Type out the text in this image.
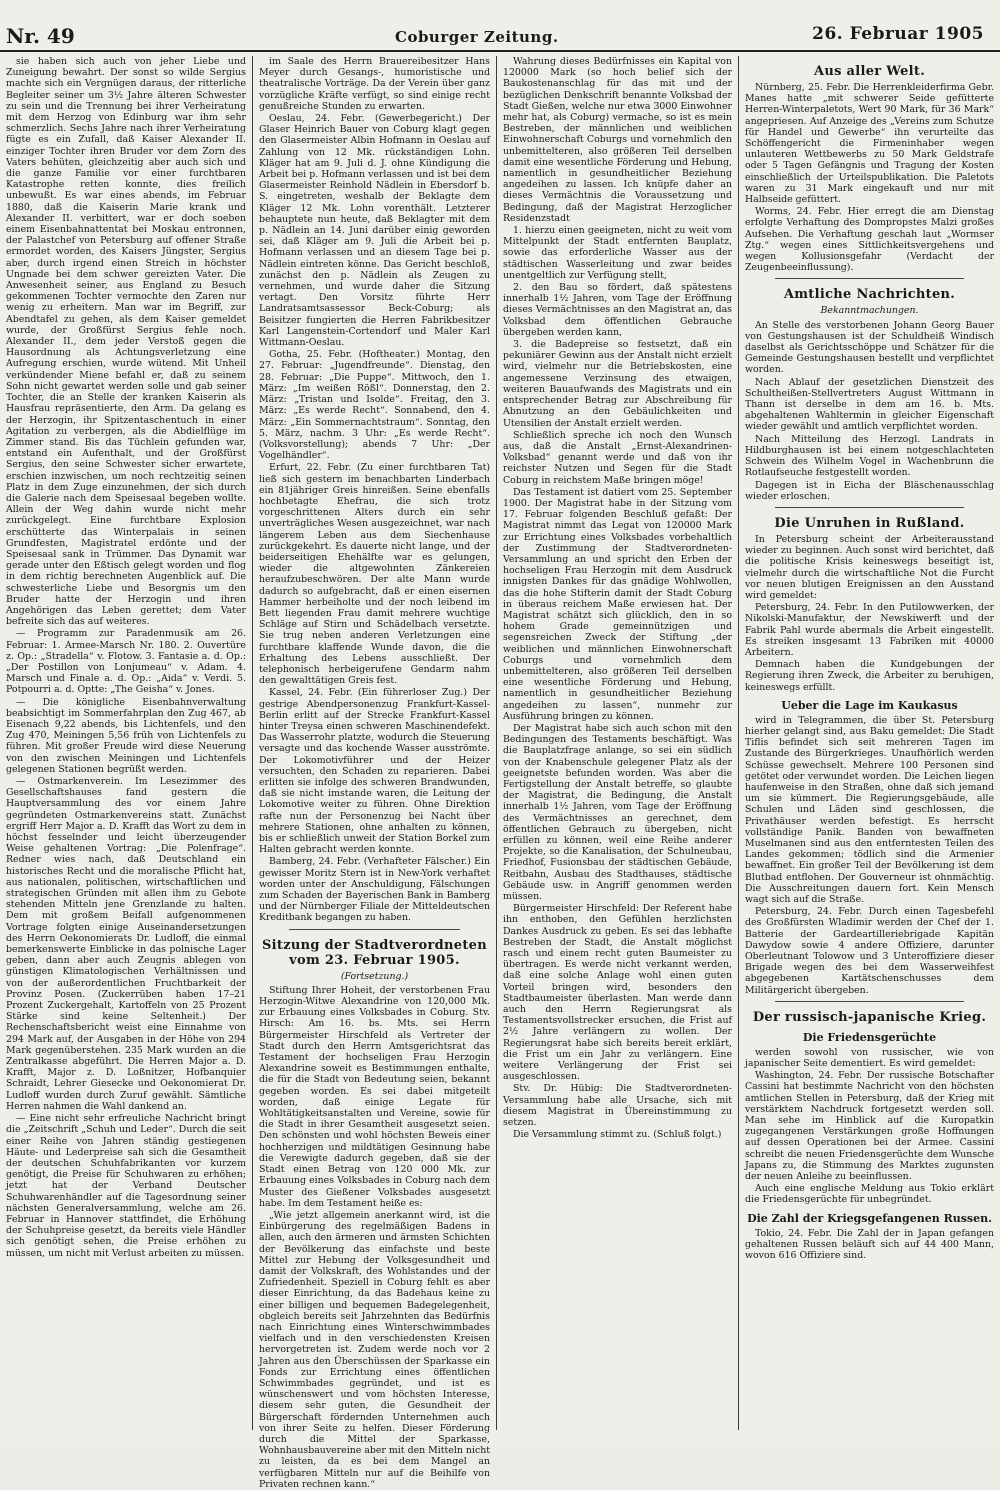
Nr. 49	Coburger Zeitung.	26. Februar 1905

sie haben sich auch von jeher Liebe und Zuneigung bewahrt. Der sonst so wilde Sergius machte sich ein Vergnügen daraus, der ritterliche Begleiter seiner um 3½ Jahre älteren Schwester zu sein und die Trennung bei ihrer Verheiratung mit dem Herzog von Edinburg war ihm sehr schmerzlich. Sechs Jahre nach ihrer Verheiratung fügte es ein Zufall, daß Kaiser Alexander II. einziger Tochter ihren Bruder vor dem Zorn des Vaters behüten, gleichzeitig aber auch sich und die ganze Familie vor einer furchtbaren Katastrophe retten konnte, dies freilich unbewußt. Es war eines abends, im Februar 1880, daß die Kaiserin Marie krank und Alexander II. verbittert, war er doch soeben einem Eisenbahnattentat bei Moskau entronnen, der Palastchef von Petersburg auf offener Straße ermordet worden, des Kaisers Jüngster, Sergius aber, durch irgend einen Streich in höchster Ungnade bei dem schwer gereizten Vater. Die Anwesenheit seiner, aus England zu Besuch gekommenen Tochter vermochte den Zaren nur wenig zu erheitern. Man war im Begriff, zur Abendtafel zu gehen, als dem Kaiser gemeldet wurde, der Großfürst Sergius fehle noch. Alexander II., dem jeder Verstoß gegen die Hausordnung als Achtungsverletzung eine Aufregung erschien, wurde wütend. Mit Unheil verkündender Miene befahl er, daß zu seinem Sohn nicht gewartet werden solle und gab seiner Tochter, die an Stelle der kranken Kaiserin als Hausfrau repräsentierte, den Arm. Da gelang es der Herzogin, ihr Spitzentaschentuch in einer Agitation zu verbergen, als die Abdielflüge im Zimmer stand. Bis das Tüchlein gefunden war, entstand ein Aufenthalt, und der Großfürst Sergius, den seine Schwester sicher erwartete, erschien inzwischen, um noch rechtzeitig seinen Platz in dem Zuge einzunehmen, der sich durch die Galerie nach dem Speisesaal begeben wollte. Allein der Weg dahin wurde nicht mehr zurückgelegt. Eine furchtbare Explosion erschütterte das Winterpalais in seinen Grundfesten, Magistratel erdönte und der Speisesaal sank in Trümmer. Das Dynamit war gerade unter den Eßtisch gelegt worden und flog in dem richtig berechneten Augenblick auf. Die schwesterliche Liebe und Besorgnis um den Bruder hatte der Herzogin und ihren Angehörigen das Leben gerettet; dem Vater befreite sich das auf weiteres.

— Programm zur Paradenmusik am 26. Februar: 1. Armee-Marsch Nr. 180. 2. Ouvertüre z. Op.: „Stradella“ v. Flotow. 3. Fantasie a. d. Op.: „Der Postillon von Lonjumeau“ v. Adam. 4. Marsch und Finale a. d. Op.: „Aida“ v. Verdi. 5. Potpourri a. d. Optte: „The Geisha“ v. Jones.

— Die königliche Eisenbahnverwaltung beabsichtigt im Sommerfahrplan den Zug 467, ab Eisenach 9,22 abends, bis Lichtenfels, und den Zug 470, Meiningen 5,56 früh von Lichtenfels zu führen. Mit großer Freude wird diese Neuerung von den zwischen Meiningen und Lichtenfels gelegenen Stationen begrüßt werden.

— Ostmarkenverein. Im Lesezimmer des Gesellschaftshauses fand gestern die Hauptversammlung des vor einem Jahre gegründeten Ostmarkenvereins statt. Zunächst ergriff Herr Major a. D. Krafft das Wort zu dem in höchst fesselnder und leicht überzeugender Weise gehaltenen Vortrag: „Die Polenfrage“. Redner wies nach, daß Deutschland ein historisches Recht und die moralische Pflicht hat, aus nationalen, politischen, wirtschaftlichen und strategischen Gründen mit allen ihm zu Gebote stehenden Mitteln jene Grenzlande zu halten. Dem mit großem Beifall aufgenommenen Vortrage folgten einige Auseinandersetzungen des Herrn Oekonomierats Dr. Ludloff, die einmal bemerkenswerte Einblicke in das polnische Lager geben, dann aber auch Zeugnis ablegen von günstigen Klimatologischen Verhältnissen und von der außerordentlichen Fruchtbarkeit der Provinz Posen. (Zuckerrüben haben 17–21 Prozent Zuckergehalt, Kartoffeln von 25 Prozent Stärke sind keine Seltenheit.) Der Rechenschaftsbericht weist eine Einnahme von 294 Mark auf, der Ausgaben in der Höhe von 294 Mark gegenüberstehen. 235 Mark wurden an die Zentralkasse abgeführt. Die Herren Major a. D. Krafft, Major z. D. Loßnitzer, Hofbanquier Schraidt, Lehrer Giesecke und Oekonomierat Dr. Ludloff wurden durch Zuruf gewählt. Sämtliche Herren nahmen die Wahl dankend an.

— Eine nicht sehr erfreuliche Nachricht bringt die „Zeitschrift „Schuh und Leder“. Durch die seit einer Reihe von Jahren ständig gestiegenen Häute- und Lederpreise sah sich die Gesamtheit der deutschen Schuhfabrikanten vor kurzem genötigt, die Preise für Schuhwaren zu erhöhen; jetzt hat der Verband Deutscher Schuhwarenhändler auf die Tagesordnung seiner nächsten Generalversammlung, welche am 26. Februar in Hannover stattfindet, die Erhöhung der Schuhpreise gesetzt, da bereits viele Händler sich genötigt sehen, die Preise erhöhen zu müssen, um nicht mit Verlust arbeiten zu müssen.

im Saale des Herrn Brauereibesitzer Hans Meyer durch Gesangs-, humoristische und theatralische Vorträge. Da der Verein über ganz vorzügliche Kräfte verfügt, so sind einige recht genußreiche Stunden zu erwarten.

Oeslau, 24. Febr. (Gewerbegericht.) Der Glaser Heinrich Bauer von Coburg klagt gegen den Glasermeister Albin Hofmann in Oeslau auf Zahlung von 12 Mk. rückständigen Lohn. Kläger hat am 9. Juli d. J. ohne Kündigung die Arbeit bei p. Hofmann verlassen und ist bei dem Glasermeister Reinhold Nädlein in Ebersdorf b. S. eingetreten, weshalb der Beklagte dem Kläger 12 Mk. Lohn vorenthält. Letzterer behauptete nun heute, daß Beklagter mit dem p. Nädlein an 14. Juni darüber einig geworden sei, daß Kläger am 9. Juli die Arbeit bei p. Hofmann verlassen und an diesem Tage bei p. Nädlein eintreten könne. Das Gericht beschloß, zunächst den p. Nädlein als Zeugen zu vernehmen, und wurde daher die Sitzung vertagt. Den Vorsitz führte Herr Landratsamtsassessor Beck-Coburg; als Beisitzer fungierten die Herren Fabrikbesitzer Karl Langenstein-Cortendorf und Maler Karl Wittmann-Oeslau.

Gotha, 25. Febr. (Hoftheater.) Montag, den 27. Februar: „Jugendfreunde“. Dienstag, den 28. Februar: „Die Puppe“. Mittwoch, den 1. März: „Im weißen Rößl“. Donnerstag, den 2. März: „Tristan und Isolde“. Freitag, den 3. März: „Es werde Recht“. Sonnabend, den 4. März: „Ein Sommernachtstraum“. Sonntag, den 5. März, nachm. 3 Uhr: „Es werde Recht“. (Volksvorstellung); abends 7 Uhr: „Der Vogelhändler“.

Erfurt, 22. Febr. (Zu einer furchtbaren Tat) ließ sich gestern im benachbarten Linderbach ein 81jähriger Greis hinreißen. Seine ebenfalls hochbetagte Ehefrau, die sich trotz vorgeschrittenen Alters durch ein sehr unverträgliches Wesen ausgezeichnet, war nach längerem Leben aus dem Siechenhause zurückgekehrt. Es dauerte nicht lange, und der beiderseitigen Ehehälfte war es gelungen, wieder die altgewohnten Zänkereien heraufzubeschwören. Der alte Mann wurde dadurch so aufgebracht, daß er einen eisernen Hammer herbeiholte und der noch leibend im Bett liegenden Frau damit mehrere wuchtige Schläge auf Stirn und Schädelbach versetzte. Sie trug neben anderen Verletzungen eine furchtbare klaffende Wunde davon, die die Erhaltung des Lebens ausschließt. Der telephonisch herbeigerufene Gendarm nahm den gewalttätigen Greis fest.

Kassel, 24. Febr. (Ein führerloser Zug.) Der gestrige Abendpersonenzug Frankfurt-Kassel-Berlin erlitt auf der Strecke Frankfurt-Kassel hinter Treysa einen schweren Maschinendefekt. Das Wasserrohr platzte, wodurch die Steuerung versagte und das kochende Wasser ausströmte. Der Lokomotivführer und der Heizer versuchten, den Schaden zu reparieren. Dabei erlitten sie infolge des schweren Brandwunden, daß sie nicht imstande waren, die Leitung der Lokomotive weiter zu führen. Ohne Direktion rafte nun der Personenzug bei Nacht über mehrere Stationen, ohne anhalten zu können, bis er schließlich unweit der Station Borkel zum Halten gebracht werden konnte.

Bamberg, 24. Febr. (Verhafteter Fälscher.) Ein gewisser Moritz Stern ist in New-York verhaftet worden unter der Anschuldigung, Fälschungen zum Schaden der Bayerischen Bank in Bamberg und der Nürnberger Filiale der Mitteldeutschen Kreditbank begangen zu haben.

Sitzung der Stadtverordneten vom 23. Februar 1905.

(Fortsetzung.)

Stiftung Ihrer Hoheit, der verstorbenen Frau Herzogin-Witwe Alexandrine von 120,000 Mk. zur Erbauung eines Volksbades in Coburg. Stv. Hirsch: Am 16. bs. Mts. sei Herrn Bürgermeister Hirschfeld als Vertreter der Stadt durch den Herrn Amtsgerichtsrat das Testament der hochseligen Frau Herzogin Alexandrine soweit es Bestimmungen enthalte, die für die Stadt von Bedeutung seien, bekannt gegeben worden. Es sei dabei mitgeteilt worden, daß einige Legate für Wohltätigkeitsanstalten und Vereine, sowie für die Stadt in ihrer Gesamtheit ausgesetzt seien. Den schönsten und wohl höchsten Beweis einer hochherzigen und mildtätigen Gesinnung habe die Verewigte dadurch gegeben, daß sie der Stadt einen Betrag von 120 000 Mk. zur Erbauung eines Volksbades in Coburg nach dem Muster des Gießener Volksbades ausgesetzt habe. Im dem Testament heiße es:

„Wie jetzt allgemein anerkannt wird, ist die Einbürgerung des regelmäßigen Badens in allen, auch den ärmeren und ärmsten Schichten der Bevölkerung das einfachste und beste Mittel zur Hebung der Volksgesundheit und damit der Volkskraft, des Wohlstandes und der Zufriedenheit. Speziell in Coburg fehlt es aber dieser Einrichtung, da das Badehaus keine zu einer billigen und bequemen Badegelegenheit, obgleich bereits seit Jahrzehnten das Bedürfnis nach Einrichtung eines Winterschwimmbades vielfach und in den verschiedensten Kreisen hervorgetreten ist. Zudem werde noch vor 2 Jahren aus den Überschüssen der Sparkasse ein Fonds zur Errichtung eines öffentlichen Schwimmbades gegründet, und ist es wünschenswert und vom höchsten Interesse, diesem sehr guten, die Gesundheit der Bürgerschaft fördernden Unternehmen auch von ihrer Seite zu helfen. Dieser Förderung durch die Mittel der Sparkasse, Wohnhausbauvereine aber mit den Mitteln nicht zu leisten, da es bei dem Mangel an verfügbaren Mitteln nur auf die Beihilfe von Privaten rechnen kann.“

Wahrung dieses Bedürfnisses ein Kapital von 120000 Mark (so hoch belief sich der Baukostenanschlag für das mit und der bezüglichen Denkschrift benannte Volksbad der Stadt Gießen, welche nur etwa 3000 Einwohner mehr hat, als Coburg) vermache, so ist es mein Bestreben, der männlichen und weiblichen Einwohnerschaft Coburgs und vornehmlich den unbemittelteren, also größeren Teil derselben damit eine wesentliche Förderung und Hebung, namentlich in gesundheitlicher Beziehung angedeihen zu lassen. Ich knüpfe daher an dieses Vermächtnis die Voraussetzung und Bedingung, daß der Magistrat Herzoglicher Residenzstadt

1. hierzu einen geeigneten, nicht zu weit vom Mittelpunkt der Stadt entfernten Bauplatz, sowie das erforderliche Wasser aus der städtischen Wasserleitung und zwar beides unentgeltlich zur Verfügung stellt,

2. den Bau so fördert, daß spätestens innerhalb 1½ Jahren, vom Tage der Eröffnung dieses Vermächtnisses an den Magistrat an, das Volksbad dem öffentlichen Gebrauche übergeben werden kann,

3. die Badepreise so festsetzt, daß ein pekuniärer Gewinn aus der Anstalt nicht erzielt wird, vielmehr nur die Betriebskosten, eine angemessene Verzinsung des etwaigen, weiteren Bauaufwands des Magistrats und ein entsprechender Betrag zur Abschreibung für Abnutzung an den Gebäulichkeiten und Utensilien der Anstalt erzielt werden.

Schließlich spreche ich noch den Wunsch aus, daß die Anstalt „Ernst-Alexandrinen-Volksbad“ genannt werde und daß von ihr reichster Nutzen und Segen für die Stadt Coburg in reichstem Maße bringen möge!

Das Testament ist datiert vom 25. September 1900. Der Magistrat habe in der Sitzung vom 17. Februar folgenden Beschluß gefaßt: Der Magistrat nimmt das Legat von 120000 Mark zur Errichtung eines Volksbades vorbehaltlich der Zustimmung der Stadtverordneten-Versammlung an und spricht den Erben der hochseligen Frau Herzogin mit dem Ausdruck innigsten Dankes für das gnädige Wohlwollen, das die hohe Stifterin damit der Stadt Coburg in überaus reichem Maße erwiesen hat. Der Magistrat schätzt sich glücklich, den in so hohem Grade gemeinnützigen und segensreichen Zweck der Stiftung „der weiblichen und männlichen Einwohnerschaft Coburgs und vornehmlich dem unbemittelteren, also größeren Teil derselben eine wesentliche Förderung und Hebung, namentlich in gesundheitlicher Beziehung angedeihen zu lassen“, nunmehr zur Ausführung bringen zu können.

Der Magistrat habe sich auch schon mit den Bedingungen des Testaments beschäftigt. Was die Bauplatzfrage anlange, so sei ein südlich von der Knabenschule gelegener Platz als der geeignetste befunden worden. Was aber die Fertigstellung der Anstalt betreffe, so glaubte der Magistrat, die Bedingung, die Anstalt innerhalb 1½ Jahren, vom Tage der Eröffnung des Vermächtnisses an gerechnet, dem öffentlichen Gebrauch zu übergeben, nicht erfüllen zu können, weil eine Reihe anderer Projekte, so die Kanalisation, der Schulneubau, Friedhof, Fusionsbau der städtischen Gebäude, Reitbahn, Ausbau des Stadthauses, städtische Gebäude usw. in Angriff genommen werden müssen.

Bürgermeister Hirschfeld: Der Referent habe ihn enthoben, den Gefühlen herzlichsten Dankes Ausdruck zu geben. Es sei das lebhafte Bestreben der Stadt, die Anstalt möglichst rasch und einem recht guten Baumeister zu übertragen. Es werde nicht verkannt werden, daß eine solche Anlage wohl einen guten Vorteil bringen wird, besonders den Stadtbaumeister überlasten. Man werde dann auch den Herrn Regierungsrat als Testamentsvollstrecker ersuchen, die Frist auf 2½ Jahre verlängern zu wollen. Der Regierungsrat habe sich bereits bereit erklärt, die Frist um ein Jahr zu verlängern. Eine weitere Verlängerung der Frist sei ausgeschlossen.

Stv. Dr. Hübig: Die Stadtverordneten-Versammlung habe alle Ursache, sich mit diesem Magistrat in Übereinstimmung zu setzen.

Die Versammlung stimmt zu. (Schluß folgt.)

Aus aller Welt.

Nürnberg, 25. Febr. Die Herrenkleiderfirma Gebr. Manes hatte „mit schwerer Seide gefütterte Herren-Winterpaletots, Wert 90 Mark, für 36 Mark“ angepriesen. Auf Anzeige des „Vereins zum Schutze für Handel und Gewerbe“ ihn verurteilte das Schöffengericht die Firmeninhaber wegen unlauteren Wettbewerbs zu 50 Mark Geldstrafe oder 5 Tagen Gefängnis und Tragung der Kosten einschließlich der Urteilspublikation. Die Paletots waren zu 31 Mark eingekauft und nur mit Halbseide gefüttert.

Worms, 24. Febr. Hier erregt die am Dienstag erfolgte Verhaftung des Dompropstes Malzi großes Aufsehen. Die Verhaftung geschah laut „Wormser Ztg.“ wegen eines Sittlichkeitsvergehens und wegen Kollusionsgefahr (Verdacht der Zeugenbeeinflussung).

Amtliche Nachrichten.

Bekanntmachungen.

An Stelle des verstorbenen Johann Georg Bauer von Gestungshausen ist der Schuldheiß Windisch daselbst als Gerichtsschöppe und Schätzer für die Gemeinde Gestungshausen bestellt und verpflichtet worden.

Nach Ablauf der gesetzlichen Dienstzeit des Schultheißen-Stellvertreters August Wittmann in Thann ist derselbe in dem am 16. b. Mts. abgehaltenen Wahltermin in gleicher Eigenschaft wieder gewählt und amtlich verpflichtet worden.

Nach Mitteilung des Herzogl. Landrats in Hildburghausen ist bei einem notgeschlachteten Schwein des Wilhelm Vogel in Wachenbrunn die Rotlaufseuche festgestellt worden.

Dagegen ist in Eicha der Bläschenausschlag wieder erloschen.

Die Unruhen in Rußland.

In Petersburg scheint der Arbeiterausstand wieder zu beginnen. Auch sonst wird berichtet, daß die politische Krisis keineswegs beseitigt ist, vielmehr durch die wirtschaftliche Not die Furcht vor neuen blutigen Ereignissen an den Ausstand wird gemeldet:

Petersburg, 24. Febr. In den Putilowwerken, der Nikolski-Manufaktur, der Newskiwerft und der Fabrik Pahl wurde abermals die Arbeit eingestellt. Es streiken insgesamt 13 Fabriken mit 40000 Arbeitern.

Demnach haben die Kundgebungen der Regierung ihren Zweck, die Arbeiter zu beruhigen, keineswegs erfüllt.

Ueber die Lage im Kaukasus

wird in Telegrammen, die über St. Petersburg hierher gelangt sind, aus Baku gemeldet: Die Stadt Tiflis befindet sich seit mehreren Tagen im Zustande des Bürgerkrieges. Unaufhörlich werden Schüsse gewechselt. Mehrere 100 Personen sind getötet oder verwundet worden. Die Leichen liegen haufenweise in den Straßen, ohne daß sich jemand um sie kümmert. Die Regierungsgebäude, alle Schulen und Läden sind geschlossen, die Privathäuser werden befestigt. Es herrscht vollständige Panik. Banden von bewaffneten Muselmanen sind aus den entferntesten Teilen des Landes gekommen; tödlich sind die Armenier bewaffnet. Ein großer Teil der Bevölkerung ist dem Blutbad entflohen. Der Gouverneur ist ohnmächtig. Die Ausschreitungen dauern fort. Kein Mensch wagt sich auf die Straße.

Petersburg, 24. Febr. Durch einen Tagesbefehl des Großfürsten Wladimir werden der Chef der 1. Batterie der Gardeartilleriebrigade Kapitän Dawydow sowie 4 andere Offiziere, darunter Oberleutnant Tolowow und 3 Unteroffiziere dieser Brigade wegen des bei dem Wasserweihfest abgegebenen Kartätschenschusses dem Militärgericht übergeben.

Der russisch-japanische Krieg.
Die Friedensgerüchte

werden sowohl von russischer, wie von japanischer Seite dementiert. Es wird gemeldet:

Washington, 24. Febr. Der russische Botschafter Cassini hat bestimmte Nachricht von den höchsten amtlichen Stellen in Petersburg, daß der Krieg mit verstärktem Nachdruck fortgesetzt werden soll. Man sehe im Hinblick auf die Kuropatkin zugegangenen Verstärkungen große Hoffnungen auf dessen Operationen bei der Armee. Cassini schreibt die neuen Friedensgerüchte dem Wunsche Japans zu, die Stimmung des Marktes zugunsten der neuen Anleihe zu beeinflussen.

Auch eine englische Meldung aus Tokio erklärt die Friedensgerüchte für unbegründet.

Die Zahl der Kriegsgefangenen Russen.

Tokio, 24. Febr. Die Zahl der in Japan gefangen gehaltenen Russen beläuft sich auf 44 400 Mann, wovon 616 Offiziere sind.
